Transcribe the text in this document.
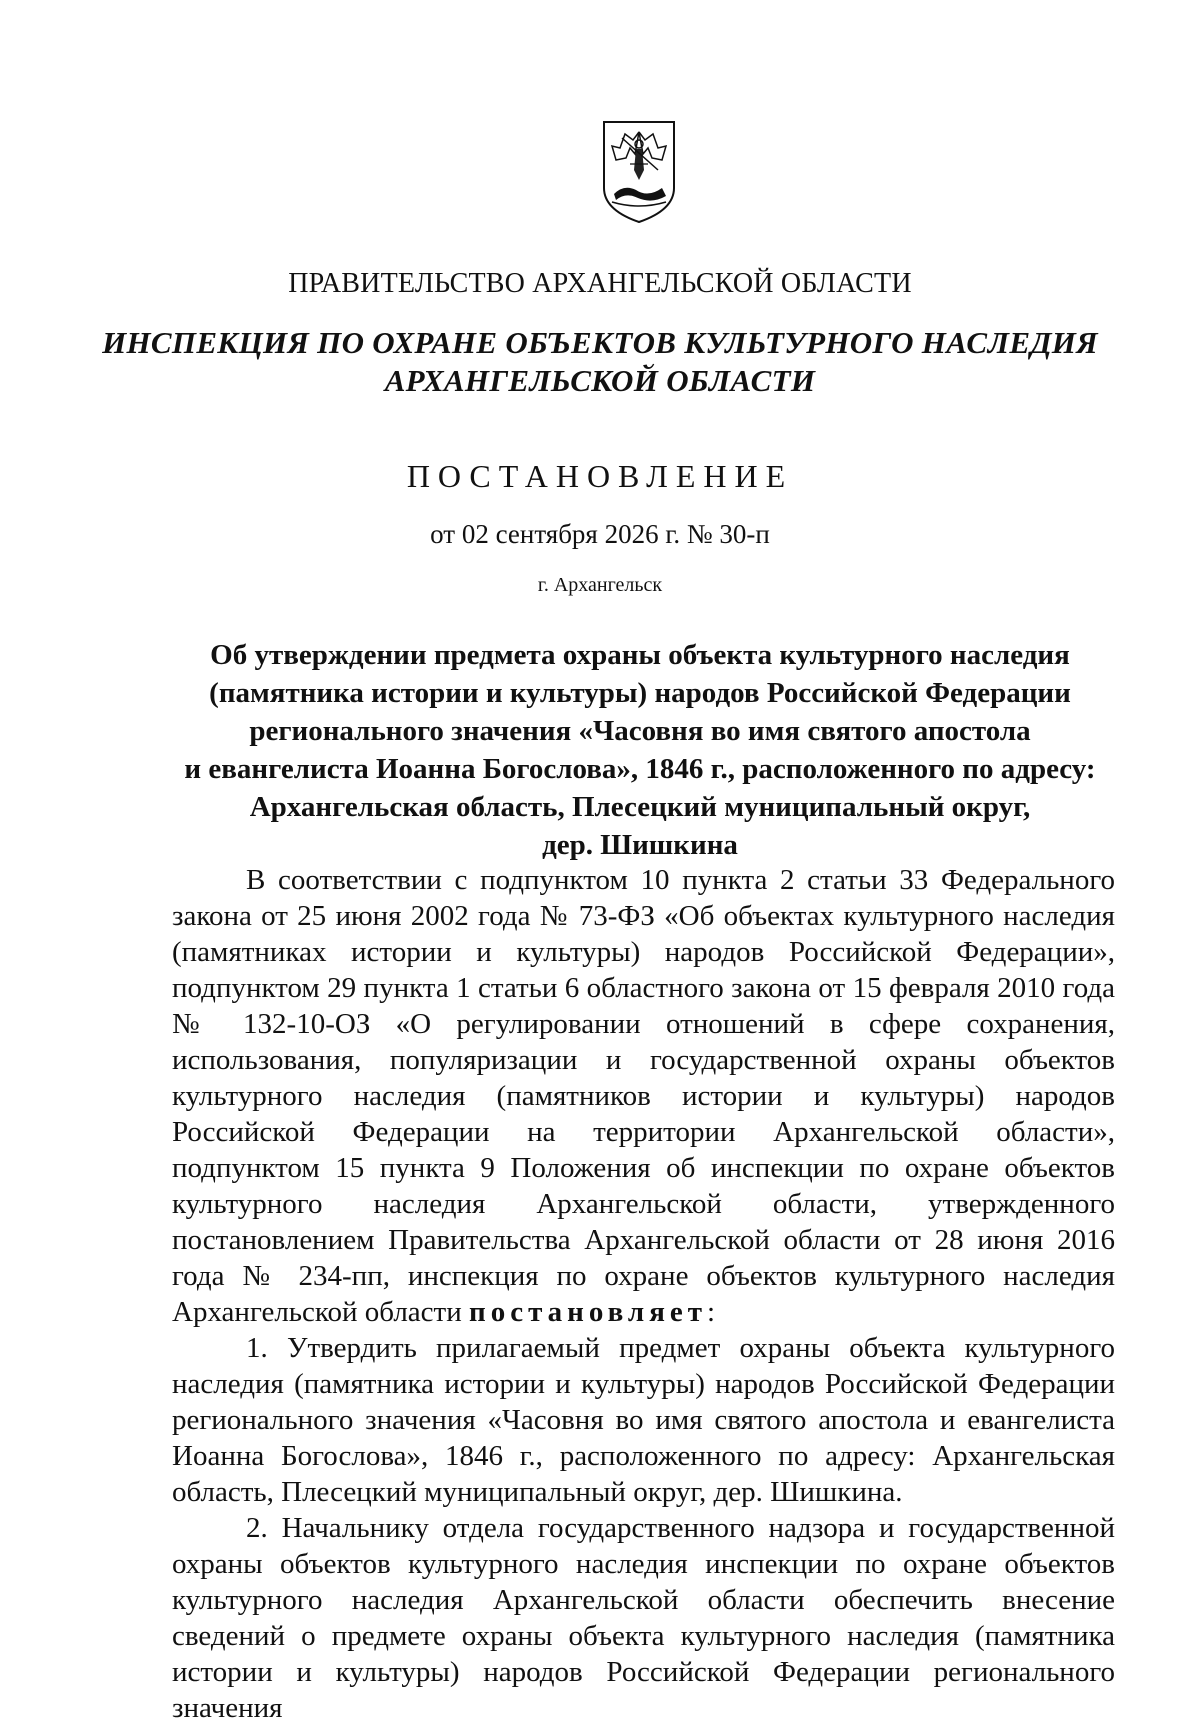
ПРАВИТЕЛЬСТВО АРХАНГЕЛЬСКОЙ ОБЛАСТИ
ИНСПЕКЦИЯ ПО ОХРАНЕ ОБЪЕКТОВ КУЛЬТУРНОГО НАСЛЕДИЯ
АРХАНГЕЛЬСКОЙ ОБЛАСТИ
ПОСТАНОВЛЕНИЕ
от 02 сентября 2026 г. № 30-п
г. Архангельск
Об утверждении предмета охраны объекта культурного наследия
(памятника истории и культуры) народов Российской Федерации
регионального значения «Часовня во имя святого апостола
и евангелиста Иоанна Богослова», 1846 г., расположенного по адресу:
Архангельская область, Плесецкий муниципальный округ,
дер. Шишкина

В соответствии с подпунктом 10 пункта 2 статьи 33 Федерального закона от 25 июня 2002 года № 73-ФЗ «Об объектах культурного наследия (памятниках истории и культуры) народов Российской Федерации», подпунктом 29 пункта 1 статьи 6 областного закона от 15 февраля 2010 года № 132-10-ОЗ «О регулировании отношений в сфере сохранения, использования, популяризации и государственной охраны объектов культурного наследия (памятников истории и культуры) народов Российской Федерации на территории Архангельской области», подпунктом 15 пункта 9 Положения об инспекции по охране объектов культурного наследия Архангельской области, утвержденного постановлением Правительства Архангельской области от 28 июня 2016 года № 234-пп, инспекция по охране объектов культурного наследия Архангельской области постановляет:

1. Утвердить прилагаемый предмет охраны объекта культурного наследия (памятника истории и культуры) народов Российской Федерации регионального значения «Часовня во имя святого апостола и евангелиста Иоанна Богослова», 1846 г., расположенного по адресу: Архангельская область, Плесецкий муниципальный округ, дер. Шишкина.

2. Начальнику отдела государственного надзора и государственной охраны объектов культурного наследия инспекции по охране объектов культурного наследия Архангельской области обеспечить внесение сведений о предмете охраны объекта культурного наследия (памятника истории и культуры) народов Российской Федерации регионального значения
